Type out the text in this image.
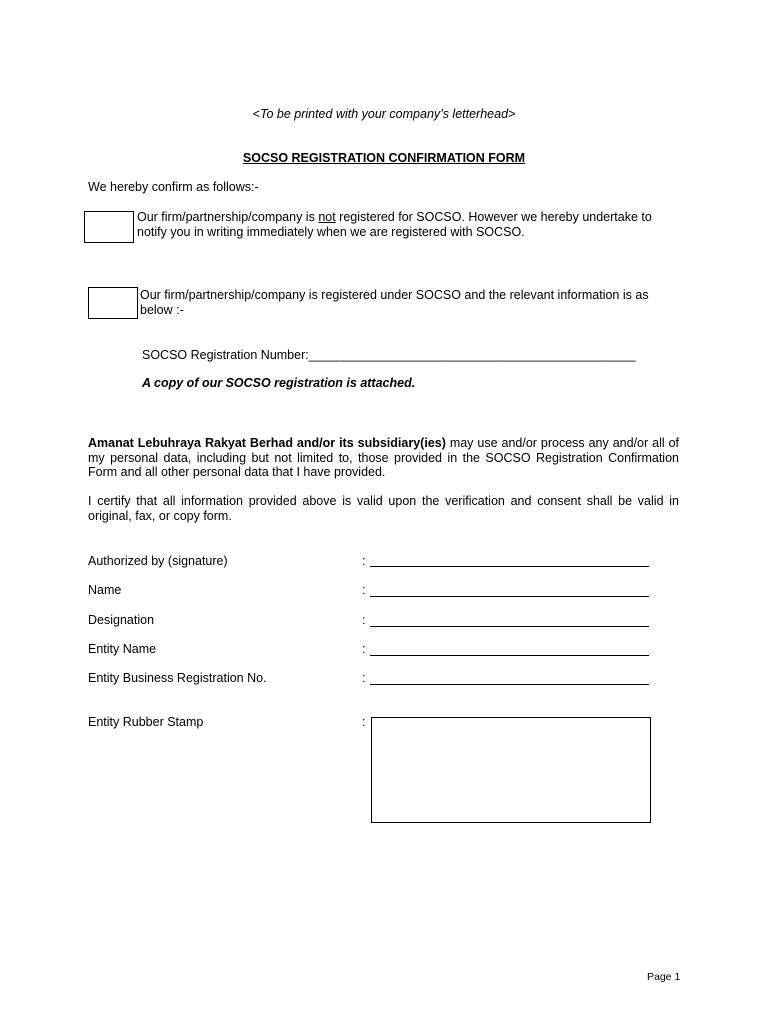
<To be printed with your company’s letterhead>
SOCSO REGISTRATION CONFIRMATION FORM
We hereby confirm as follows:-
Our firm/partnership/company is not registered for SOCSO. However we hereby undertake to notify you in writing immediately when we are registered with SOCSO.
Our firm/partnership/company is registered under SOCSO and the relevant information is as below :-
SOCSO Registration Number:_______________________________________________
A copy of our SOCSO registration is attached.
Amanat Lebuhraya Rakyat Berhad and/or its subsidiary(ies) may use and/or process any and/or all of my personal data, including but not limited to, those provided in the SOCSO Registration Confirmation Form and all other personal data that I have provided.
I certify that all information provided above is valid upon the verification and consent shall be valid in original, fax, or copy form.
Authorized by (signature)	:
Name	:
Designation	:
Entity Name	:
Entity Business Registration No.	:
Entity Rubber Stamp	:
Page 1
